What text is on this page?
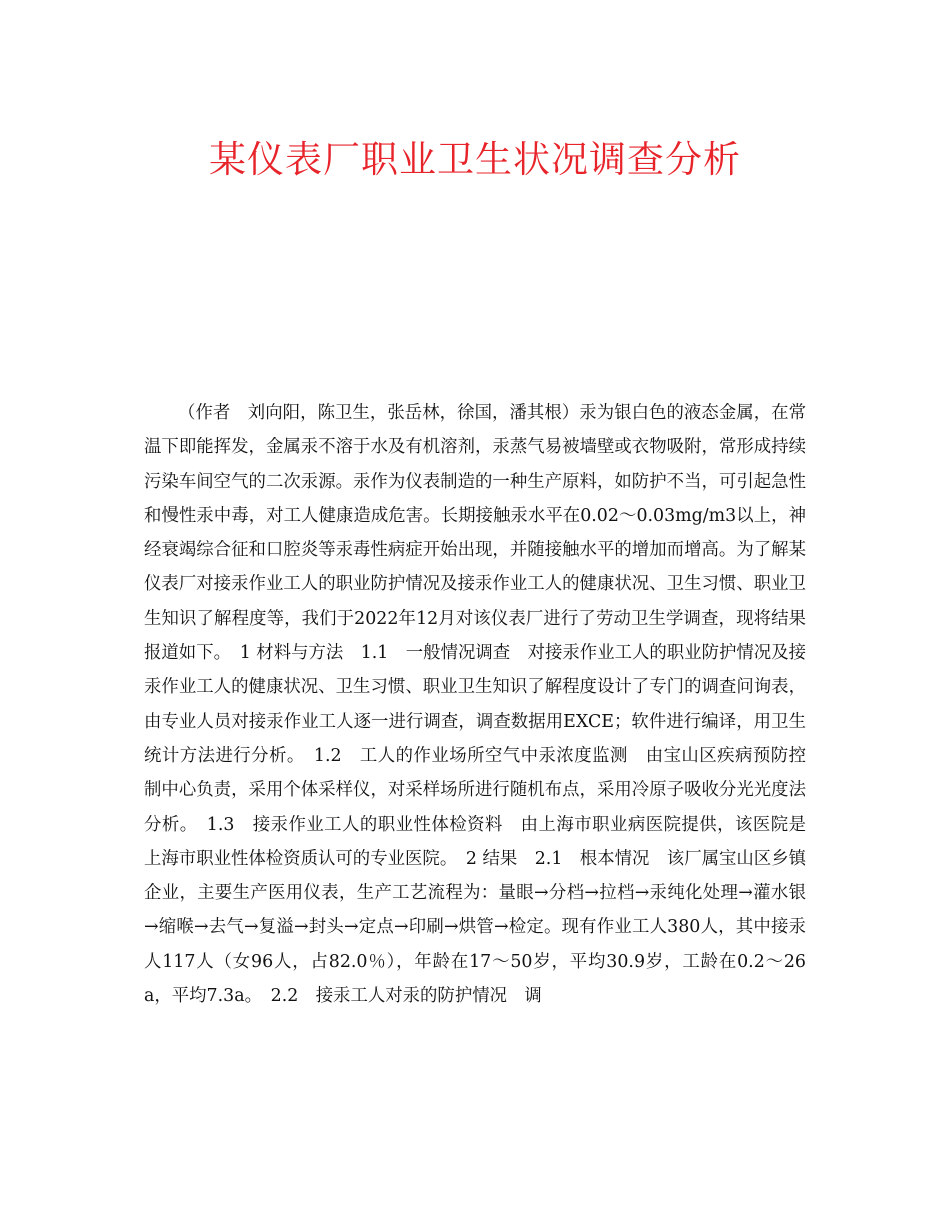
某仪表厂职业卫生状况调查分析

（作者　刘向阳，陈卫生，张岳林，徐国，潘其根）汞为银白色的液态金属，在常温下即能挥发，金属汞不溶于水及有机溶剂，汞蒸气易被墙壁或衣物吸附，常形成持续污染车间空气的二次汞源。汞作为仪表制造的一种生产原料，如防护不当，可引起急性和慢性汞中毒，对工人健康造成危害。长期接触汞水平在0.02～0.03mg/m3以上，神经衰竭综合征和口腔炎等汞毒性病症开始出现，并随接触水平的增加而增高。为了解某仪表厂对接汞作业工人的职业防护情况及接汞作业工人的健康状况、卫生习惯、职业卫生知识了解程度等，我们于2022年12月对该仪表厂进行了劳动卫生学调查，现将结果报道如下。　1 材料与方法　1.1　一般情况调查　对接汞作业工人的职业防护情况及接汞作业工人的健康状况、卫生习惯、职业卫生知识了解程度设计了专门的调查问询表，由专业人员对接汞作业工人逐一进行调查，调查数据用EXCE；软件进行编译，用卫生统计方法进行分析。　1.2　工人的作业场所空气中汞浓度监测　由宝山区疾病预防控制中心负责，采用个体采样仪，对采样场所进行随机布点，采用冷原子吸收分光光度法分析。　1.3　接汞作业工人的职业性体检资料　由上海市职业病医院提供，该医院是上海市职业性体检资质认可的专业医院。　2 结果　2.1　根本情况　该厂属宝山区乡镇企业，主要生产医用仪表，生产工艺流程为：量眼→分档→拉档→汞纯化处理→灌水银→缩喉→去气→复溢→封头→定点→印刷→烘管→检定。现有作业工人380人，其中接汞人117人（女96人，占82.0％），年龄在17～50岁，平均30.9岁，工龄在0.2～26a，平均7.3a。　2.2　接汞工人对汞的防护情况　调
